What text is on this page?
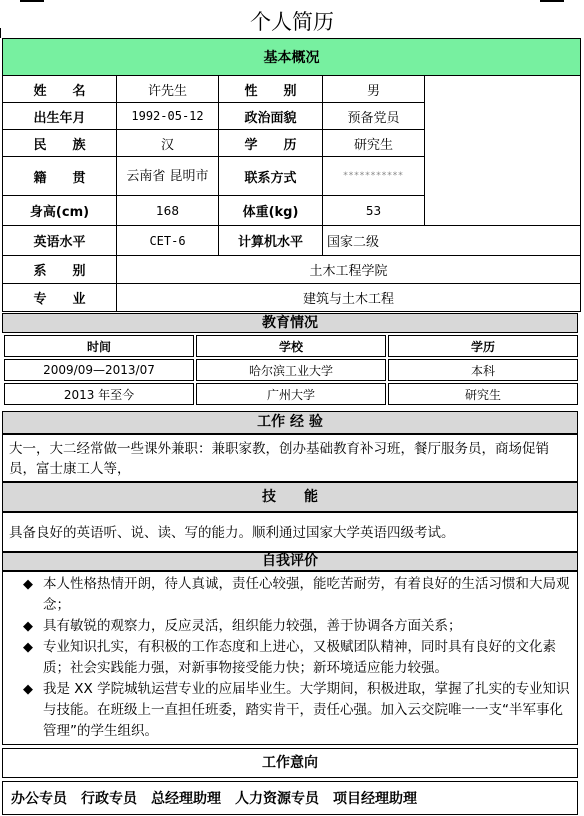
个人简历
基本概况				
姓　　名	许先生	性　　别	男	
出生年月	1992-05-12	政治面貌	预备党员	
民　　族	汉	学　　历	研究生	
籍　　贯	云南省 昆明市	联系方式	***********	
身高(cm)	168	体重(kg)	53	
英语水平	CET-6	计算机水平	国家二级	
系　　别	土木工程学院			
专　　业	建筑与土木工程			
教育情况
时间	学校	学历
2009/09—2013/07	哈尔滨工业大学	本科
2013 年至今	广州大学	研究生
工作 经 验
大一，大二经常做一些课外兼职：兼职家教，创办基础教育补习班，餐厅服务员，商场促销员，富士康工人等，
技　　能
具备良好的英语听、说、读、写的能力。顺利通过国家大学英语四级考试。
自我评价
◆ 本人性格热情开朗，待人真诚，责任心较强，能吃苦耐劳，有着良好的生活习惯和大局观念；
◆ 具有敏锐的观察力，反应灵活，组织能力较强，善于协调各方面关系；
◆ 专业知识扎实，有积极的工作态度和上进心，又极赋团队精神，同时具有良好的文化素质；社会实践能力强，对新事物接受能力快；新环境适应能力较强。
◆ 我是 XX 学院城轨运营专业的应届毕业生。大学期间，积极进取，掌握了扎实的专业知识与技能。在班级上一直担任班委，踏实肯干，责任心强。加入云交院唯一一支“半军事化管理”的学生组织。
工作意向
办公专员　行政专员　总经理助理　人力资源专员　项目经理助理
